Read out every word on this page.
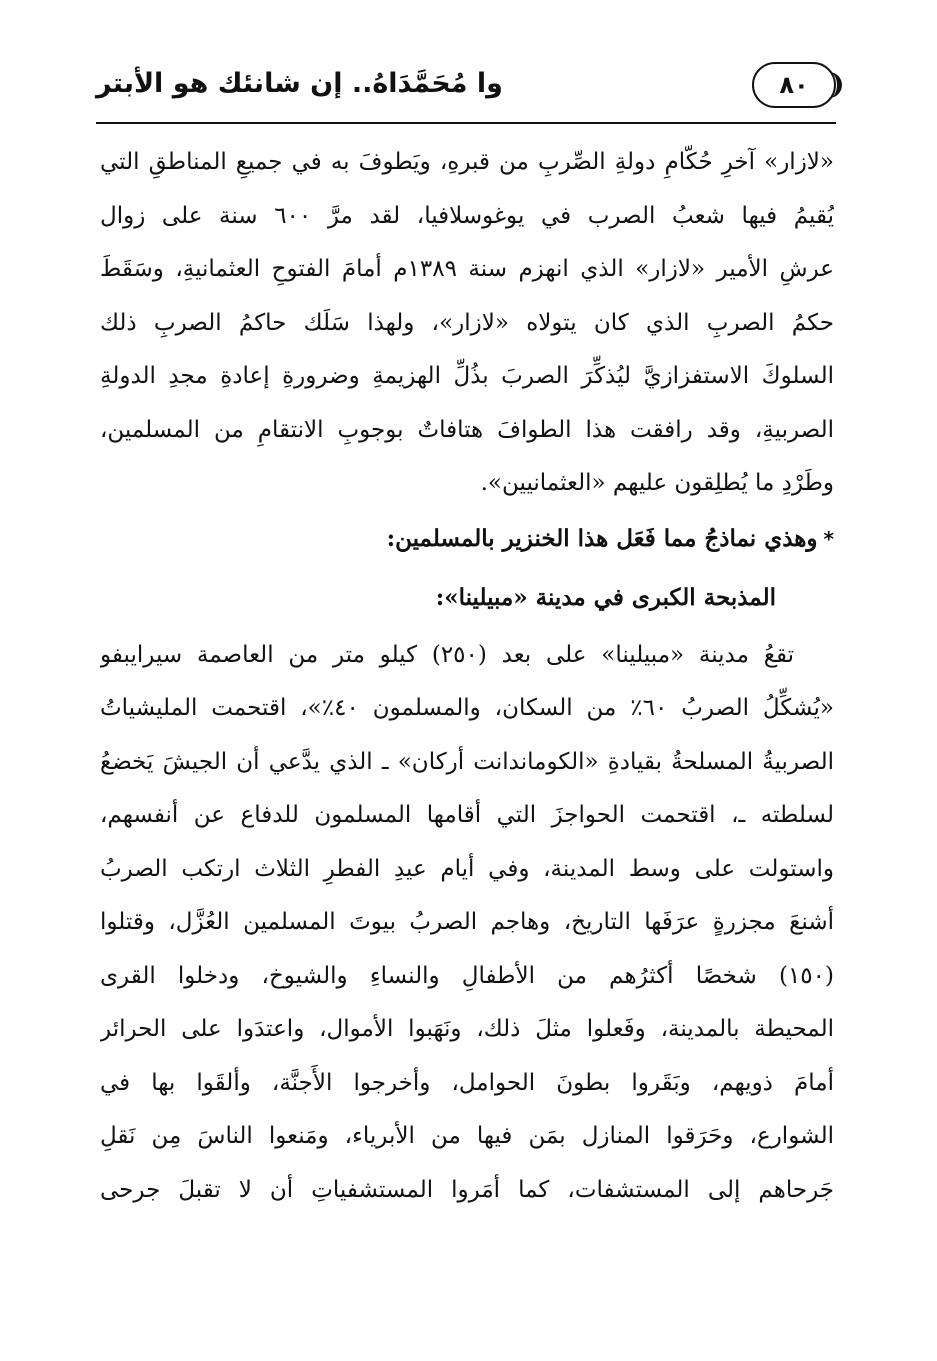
وا مُحَمَّدَاهُ.. إن شانئك هو الأبتر	٨٠
«لازار» آخرِ حُكّامِ دولةِ الصِّربِ من قبرهِ، ويَطوفَ به في جميعِ المناطقِ التي
يُقيمُ فيها شعبُ الصرب في يوغوسلافيا، لقد مرَّ ٦٠٠ سنة على زوال
عرشِ الأمير «لازار» الذي انهزم سنة ١٣٨٩م أمامَ الفتوحِ العثمانيةِ، وسَقَطَ
حكمُ الصربِ الذي كان يتولاه «لازار»، ولهذا سَلَك حاكمُ الصربِ ذلك
السلوكَ الاستفزازيَّ ليُذكِّرَ الصربَ بذُلِّ الهزيمةِ وضرورةِ إعادةِ مجدِ الدولةِ
الصربيةِ، وقد رافقت هذا الطوافَ هتافاتٌ بوجوبِ الانتقامِ من المسلمين،
وطَرْدِ ما يُطلِقون عليهم «العثمانيين».
*وهذي نماذجُ مما فَعَل هذا الخنزير بالمسلمين:
المذبحة الكبرى في مدينة «مبيلينا»:
تقعُ مدينة «مبيلينا» على بعد (٢٥٠) كيلو متر من العاصمة سيرايبفو
«يُشكِّلُ الصربُ ٦٠٪ من السكان، والمسلمون ٤٠٪»، اقتحمت المليشياتُ
الصربيةُ المسلحةُ بقيادةِ «الكوماندانت أركان» ـ الذي يدَّعي أن الجيشَ يَخضعُ
لسلطته ـ، اقتحمت الحواجزَ التي أقامها المسلمون للدفاع عن أنفسهم،
واستولت على وسط المدينة، وفي أيام عيدِ الفطرِ الثلاث ارتكب الصربُ
أشنعَ مجزرةٍ عرَفَها التاريخ، وهاجم الصربُ بيوتَ المسلمين العُزَّل، وقتلوا
(١٥٠) شخصًا أكثرُهم من الأطفالِ والنساءِ والشيوخ، ودخلوا القرى
المحيطة بالمدينة، وفَعلوا مثلَ ذلك، ونَهَبوا الأموال، واعتدَوا على الحرائر
أمامَ ذويهم، وبَقَروا بطونَ الحوامل، وأخرجوا الأَجنَّة، وألقَوا بها في
الشوارع، وحَرَقوا المنازل بمَن فيها من الأبرياء، ومَنعوا الناسَ مِن نَقلِ
جَرحاهم إلى المستشفات، كما أمَروا المستشفياتِ أن لا تقبلَ جرحى
